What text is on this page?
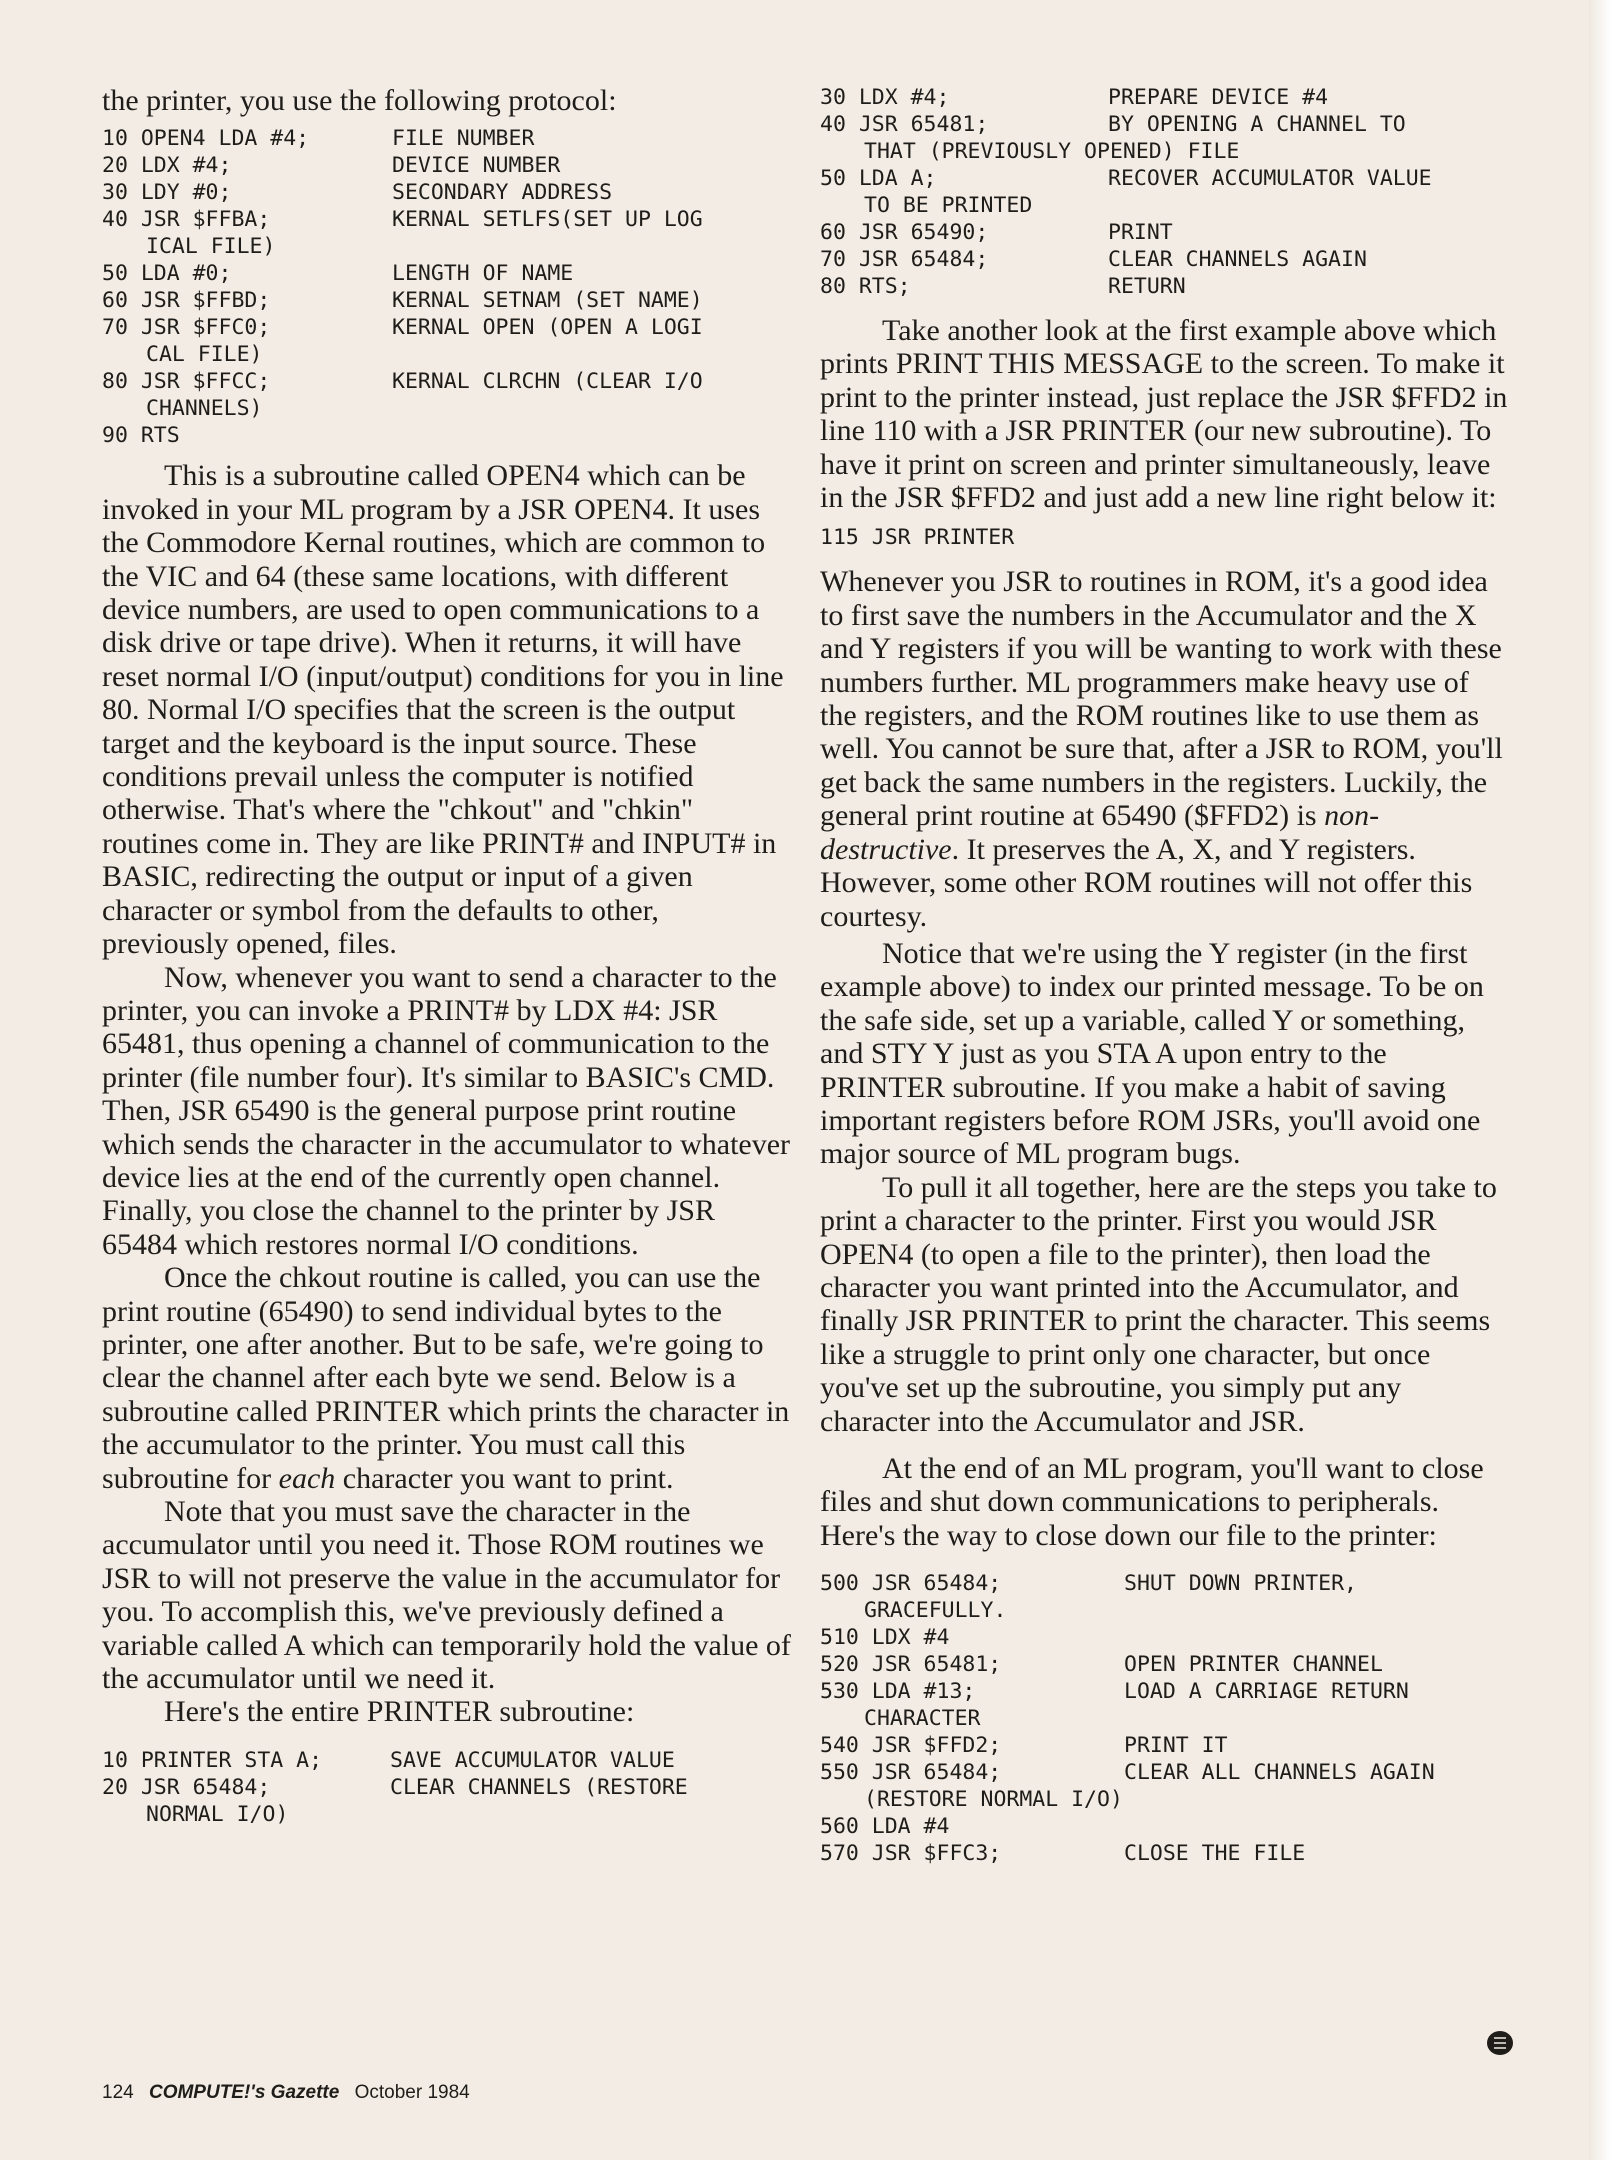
the printer, you use the following protocol:

10 OPEN4 LDA #4;	FILE NUMBER
20 LDX #4;	DEVICE NUMBER
30 LDY #0;	SECONDARY ADDRESS
40 JSR $FFBA;	KERNAL SETLFS(SET UP LOG
ICAL FILE)
50 LDA #0;	LENGTH OF NAME
60 JSR $FFBD;	KERNAL SETNAM (SET NAME)
70 JSR $FFC0;	KERNAL OPEN (OPEN A LOGI
CAL FILE)
80 JSR $FFCC;	KERNAL CLRCHN (CLEAR I/O
CHANNELS)
90 RTS

This is a subroutine called OPEN4 which can be invoked in your ML program by a JSR OPEN4. It uses the Commodore Kernal routines, which are common to the VIC and 64 (these same locations, with different device numbers, are used to open communications to a disk drive or tape drive). When it returns, it will have reset normal I/O (input/output) conditions for you in line 80. Normal I/O specifies that the screen is the output target and the keyboard is the input source. These conditions prevail unless the computer is notified otherwise. That's where the "chkout" and "chkin" routines come in. They are like PRINT# and INPUT# in BASIC, redirecting the output or input of a given character or symbol from the defaults to other, previously opened, files.

Now, whenever you want to send a character to the printer, you can invoke a PRINT# by LDX #4: JSR 65481, thus opening a channel of communication to the printer (file number four). It's similar to BASIC's CMD. Then, JSR 65490 is the general purpose print routine which sends the character in the accumulator to whatever device lies at the end of the currently open channel. Finally, you close the channel to the printer by JSR 65484 which restores normal I/O conditions.

Once the chkout routine is called, you can use the print routine (65490) to send individual bytes to the printer, one after another. But to be safe, we're going to clear the channel after each byte we send. Below is a subroutine called PRINTER which prints the character in the accumulator to the printer. You must call this subroutine for each character you want to print.

Note that you must save the character in the accumulator until you need it. Those ROM routines we JSR to will not preserve the value in the accumulator for you. To accomplish this, we've previously defined a variable called A which can temporarily hold the value of the accumulator until we need it.

Here's the entire PRINTER subroutine:

10 PRINTER STA A;	SAVE ACCUMULATOR VALUE
20 JSR 65484;	CLEAR CHANNELS (RESTORE
NORMAL I/O)
30 LDX #4;	PREPARE DEVICE #4
40 JSR 65481;	BY OPENING A CHANNEL TO
THAT (PREVIOUSLY OPENED) FILE
50 LDA A;	RECOVER ACCUMULATOR VALUE
TO BE PRINTED
60 JSR 65490;	PRINT
70 JSR 65484;	CLEAR CHANNELS AGAIN
80 RTS;	RETURN

Take another look at the first example above which prints PRINT THIS MESSAGE to the screen. To make it print to the printer instead, just replace the JSR $FFD2 in line 110 with a JSR PRINTER (our new subroutine). To have it print on screen and printer simultaneously, leave in the JSR $FFD2 and just add a new line right below it:

115 JSR PRINTER

Whenever you JSR to routines in ROM, it's a good idea to first save the numbers in the Accumulator and the X and Y registers if you will be wanting to work with these numbers further. ML programmers make heavy use of the registers, and the ROM routines like to use them as well. You cannot be sure that, after a JSR to ROM, you'll get back the same numbers in the registers. Luckily, the general print routine at 65490 ($FFD2) is non-destructive. It preserves the A, X, and Y registers. However, some other ROM routines will not offer this courtesy.

Notice that we're using the Y register (in the first example above) to index our printed message. To be on the safe side, set up a variable, called Y or something, and STY Y just as you STA A upon entry to the PRINTER subroutine. If you make a habit of saving important registers before ROM JSRs, you'll avoid one major source of ML program bugs.

To pull it all together, here are the steps you take to print a character to the printer. First you would JSR OPEN4 (to open a file to the printer), then load the character you want printed into the Accumulator, and finally JSR PRINTER to print the character. This seems like a struggle to print only one character, but once you've set up the subroutine, you simply put any character into the Accumulator and JSR.

At the end of an ML program, you'll want to close files and shut down communications to peripherals. Here's the way to close down our file to the printer:

500 JSR 65484;	SHUT DOWN PRINTER,
GRACEFULLY.
510 LDX #4
520 JSR 65481;	OPEN PRINTER CHANNEL
530 LDA #13;	LOAD A CARRIAGE RETURN
CHARACTER
540 JSR $FFD2;	PRINT IT
550 JSR 65484;	CLEAR ALL CHANNELS AGAIN
(RESTORE NORMAL I/O)
560 LDA #4
570 JSR $FFC3;	CLOSE THE FILE
124 COMPUTE!'s Gazette October 1984
